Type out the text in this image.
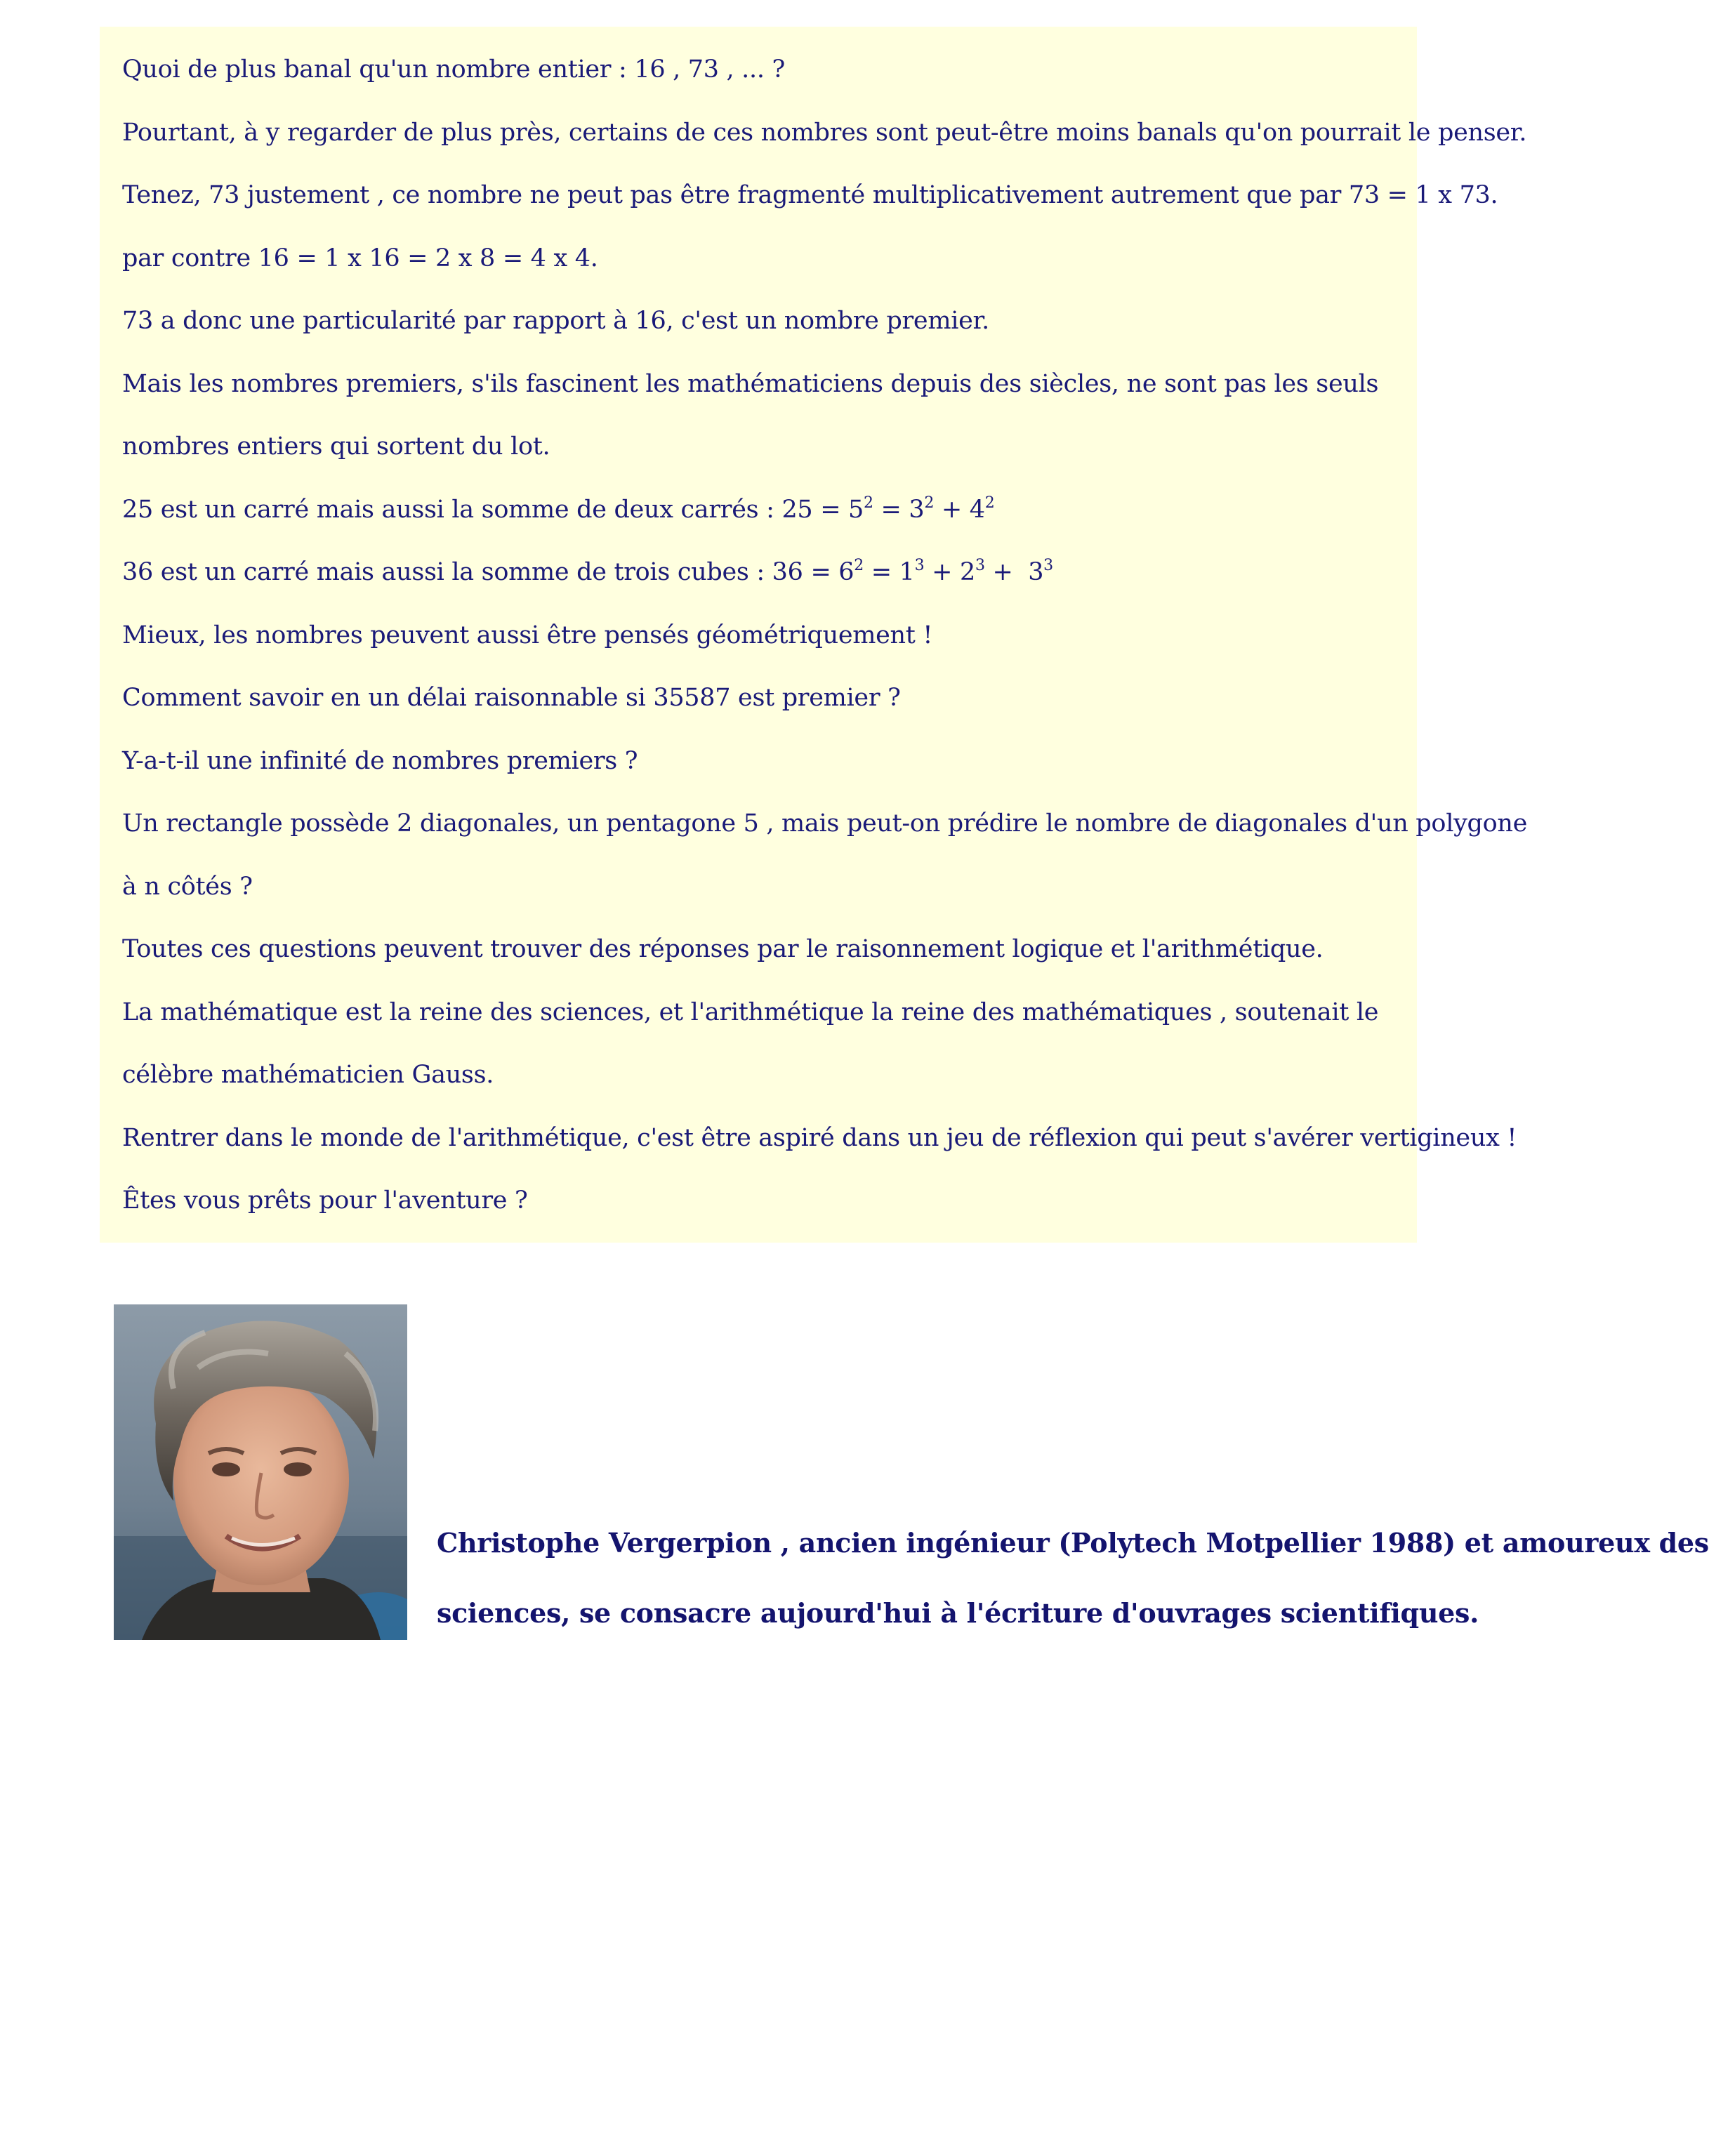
Quoi de plus banal qu'un nombre entier : 16 , 73 , ... ?
Pourtant, à y regarder de plus près, certains de ces nombres sont peut-être moins banals qu'on pourrait le penser.
Tenez, 73 justement , ce nombre ne peut pas être fragmenté multiplicativement autrement que par 73 = 1 x 73.
par contre 16 = 1 x 16 = 2 x 8 = 4 x 4.
73 a donc une particularité par rapport à 16, c'est un nombre premier.
Mais les nombres premiers, s'ils fascinent les mathématiciens depuis des siècles, ne sont pas les seuls
nombres entiers qui sortent du lot.
25 est un carré mais aussi la somme de deux carrés : $25 = 5^2 = 3^2 + 4^2$
36 est un carré mais aussi la somme de trois cubes : $36 = 6^2 = 1^3 + 2^3 + 3^3$
Mieux, les nombres peuvent aussi être pensés géométriquement !
Comment savoir en un délai raisonnable si 35587 est premier ?
Y-a-t-il une infinité de nombres premiers ?
Un rectangle possède 2 diagonales, un pentagone 5 , mais peut-on prédire le nombre de diagonales d'un polygone
à n côtés ?
Toutes ces questions peuvent trouver des réponses par le raisonnement logique et l'arithmétique.
La mathématique est la reine des sciences, et l'arithmétique la reine des mathématiques , soutenait le
célèbre mathématicien Gauss.
Rentrer dans le monde de l'arithmétique, c'est être aspiré dans un jeu de réflexion qui peut s'avérer vertigineux !
Êtes vous prêts pour l'aventure ?
Christophe Vergerpion , ancien ingénieur (Polytech Motpellier 1988) et amoureux des
sciences, se consacre aujourd'hui à l'écriture d'ouvrages scientifiques.
